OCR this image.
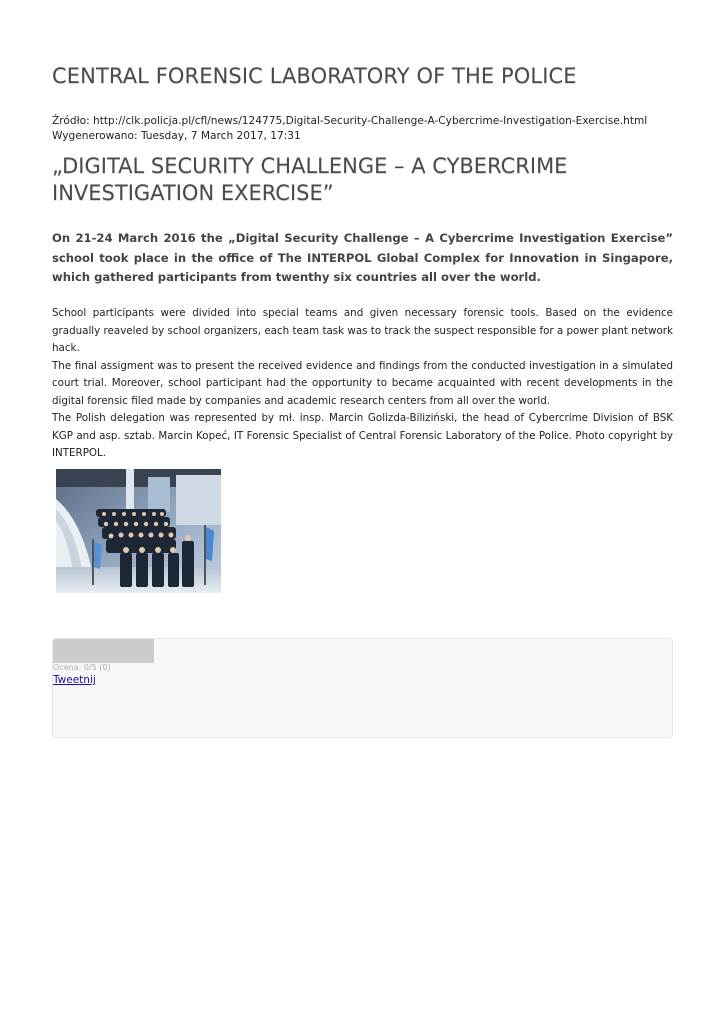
CENTRAL FORENSIC LABORATORY OF THE POLICE
Źródło: http://clk.policja.pl/cfl/news/124775,Digital-Security-Challenge-A-Cybercrime-Investigation-Exercise.html
Wygenerowano: Tuesday, 7 March 2017, 17:31
„DIGITAL SECURITY CHALLENGE – A CYBERCRIME INVESTIGATION EXERCISE”

On 21-24 March 2016 the „Digital Security Challenge – A Cybercrime Investigation Exercise” school took place in the office of The INTERPOL Global Complex for Innovation in Singapore, which gathered participants from twenthy six countries all over the world.

School participants were divided into special teams and given necessary forensic tools. Based on the evidence gradually reaveled by school organizers, each team task was to track the suspect responsible for a power plant network hack.

The final assigment was to present the received evidence and findings from the conducted investigation in a simulated court trial. Moreover, school participant had the opportunity to became acquainted with recent developments in the digital forensic filed made by companies and academic research centers from all over the world.

The Polish delegation was represented by mł. insp. Marcin Golizda-Biliziński, the head of Cybercrime Division of BSK KGP and asp. sztab. Marcin Kopeć, IT Forensic Specialist of Central Forensic Laboratory of the Police. Photo copyright by INTERPOL.

Ocena: 0/5 (0)
Tweetnij
